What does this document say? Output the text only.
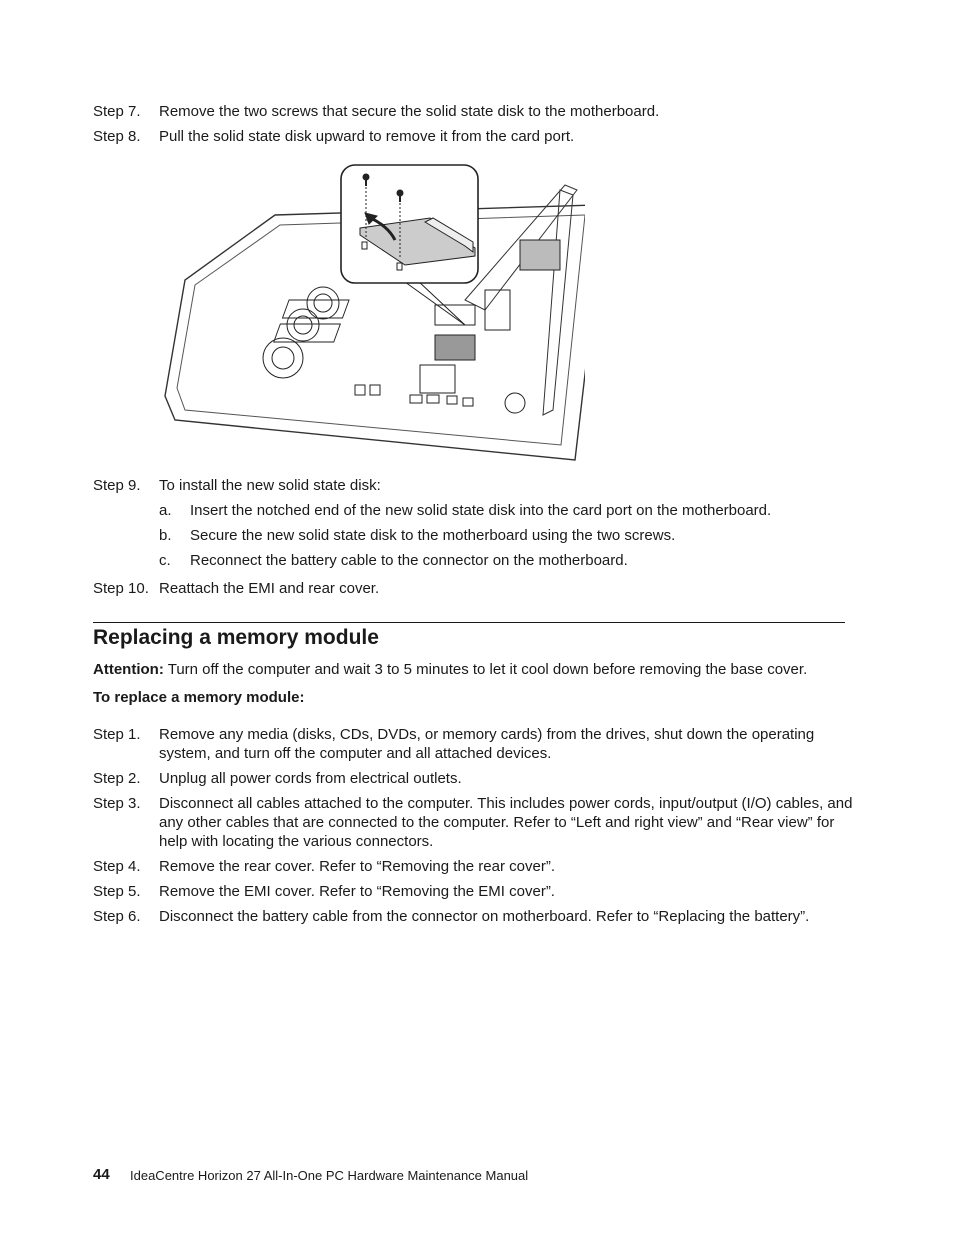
Step 7. Remove the two screws that secure the solid state disk to the motherboard.
Step 8. Pull the solid state disk upward to remove it from the card port.
Step 9. To install the new solid state disk:
a. Insert the notched end of the new solid state disk into the card port on the motherboard.
b. Secure the new solid state disk to the motherboard using the two screws.
c. Reconnect the battery cable to the connector on the motherboard.
Step 10. Reattach the EMI and rear cover.
Replacing a memory module
Attention: Turn off the computer and wait 3 to 5 minutes to let it cool down before removing the base cover.
To replace a memory module:
Step 1. Remove any media (disks, CDs, DVDs, or memory cards) from the drives, shut down the operating system, and turn off the computer and all attached devices.
Step 2. Unplug all power cords from electrical outlets.
Step 3. Disconnect all cables attached to the computer. This includes power cords, input/output (I/O) cables, and any other cables that are connected to the computer. Refer to “Left and right view” and “Rear view” for help with locating the various connectors.
Step 4. Remove the rear cover. Refer to “Removing the rear cover”.
Step 5. Remove the EMI cover. Refer to “Removing the EMI cover”.
Step 6. Disconnect the battery cable from the connector on motherboard. Refer to “Replacing the battery”.
44 IdeaCentre Horizon 27 All-In-One PC Hardware Maintenance Manual
